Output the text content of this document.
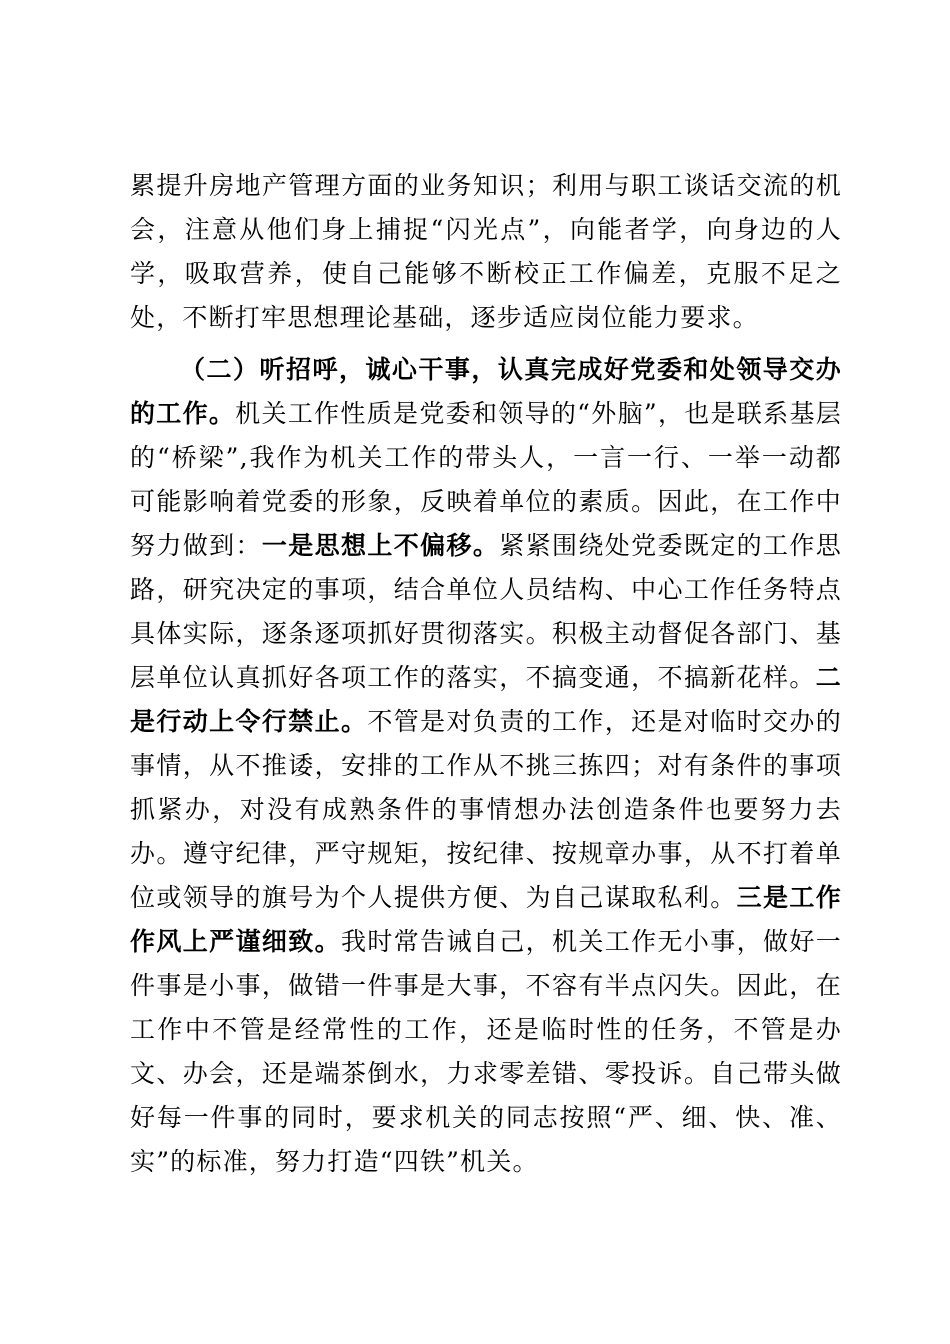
累提升房地产管理方面的业务知识；利用与职工谈话交流的机会，注意从他们身上捕捉“闪光点”，向能者学，向身边的人学，吸取营养，使自己能够不断校正工作偏差，克服不足之处，不断打牢思想理论基础，逐步适应岗位能力要求。

（二）听招呼，诚心干事，认真完成好党委和处领导交办的工作。机关工作性质是党委和领导的“外脑”，也是联系基层的“桥梁”,我作为机关工作的带头人，一言一行、一举一动都可能影响着党委的形象，反映着单位的素质。因此，在工作中努力做到：一是思想上不偏移。紧紧围绕处党委既定的工作思路，研究决定的事项，结合单位人员结构、中心工作任务特点具体实际，逐条逐项抓好贯彻落实。积极主动督促各部门、基层单位认真抓好各项工作的落实，不搞变通，不搞新花样。二是行动上令行禁止。不管是对负责的工作，还是对临时交办的事情，从不推诿，安排的工作从不挑三拣四；对有条件的事项抓紧办，对没有成熟条件的事情想办法创造条件也要努力去办。遵守纪律，严守规矩，按纪律、按规章办事，从不打着单位或领导的旗号为个人提供方便、为自己谋取私利。三是工作作风上严谨细致。我时常告诫自己，机关工作无小事，做好一件事是小事，做错一件事是大事，不容有半点闪失。因此，在工作中不管是经常性的工作，还是临时性的任务，不管是办文、办会，还是端茶倒水，力求零差错、零投诉。自己带头做好每一件事的同时，要求机关的同志按照“严、细、快、准、实”的标准，努力打造“四铁”机关。
